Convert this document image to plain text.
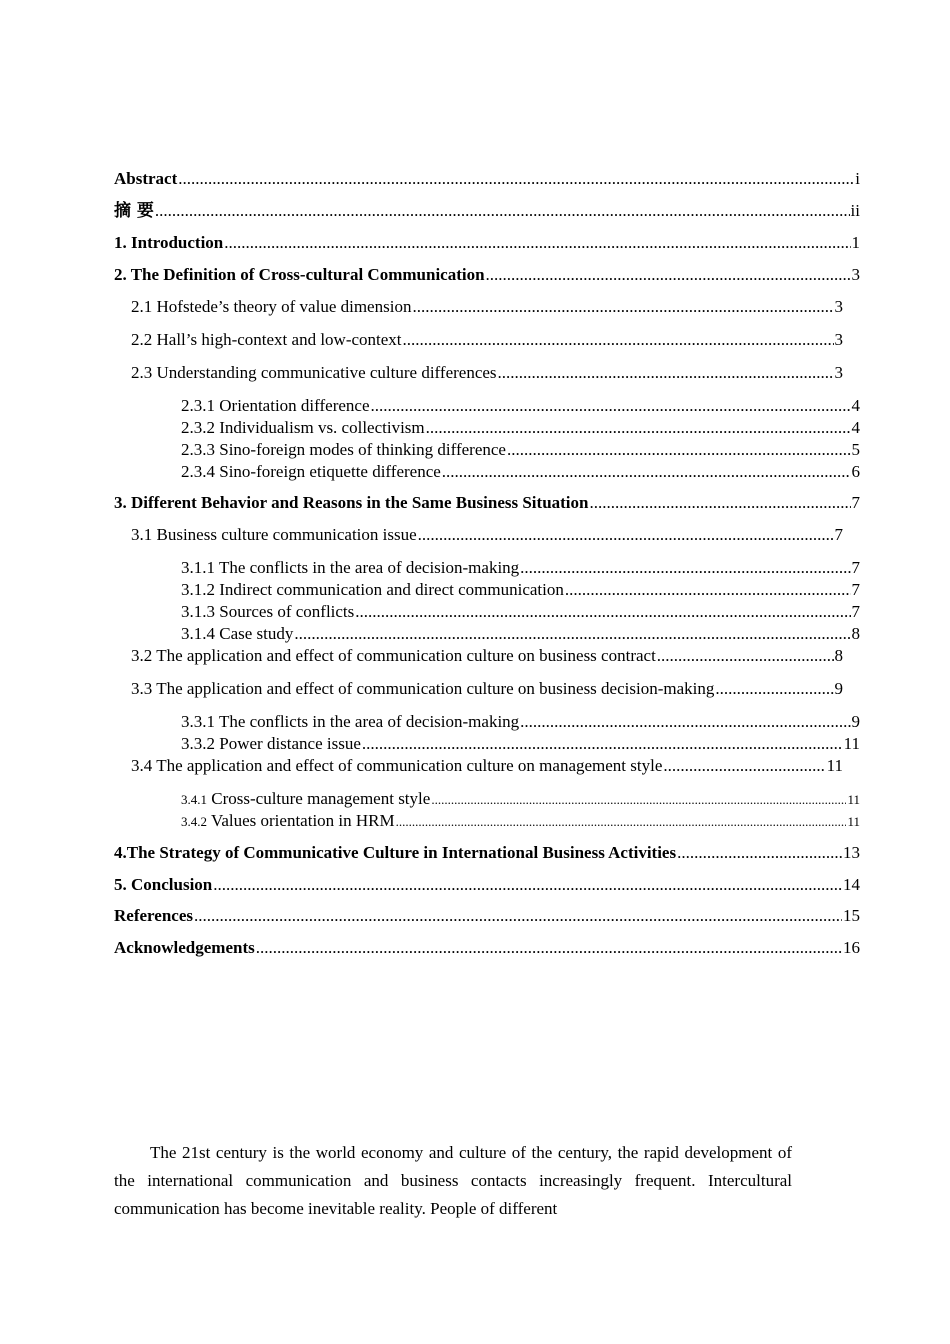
Abstract .....	i
摘 要 .....	ii
1. Introduction .....	1
2. The Definition of Cross-cultural Communication .....	3
2.1 Hofstede’s theory of value dimension .....	3
2.2 Hall’s high-context and low-context .....	3
2.3 Understanding communicative culture differences .....	3
2.3.1 Orientation difference .....	4
2.3.2 Individualism vs. collectivism .....	4
2.3.3 Sino-foreign modes of thinking difference .....	5
2.3.4 Sino-foreign etiquette difference .....	6
3. Different Behavior and Reasons in the Same Business Situation .....	7
3.1 Business culture communication issue .....	7
3.1.1 The conflicts in the area of decision-making .....	7
3.1.2 Indirect communication and direct communication .....	7
3.1.3 Sources of conflicts .....	7
3.1.4 Case study .....	8
3.2 The application and effect of communication culture on business contract .....	8
3.3 The application and effect of communication culture on business decision-making .....	9
3.3.1 The conflicts in the area of decision-making .....	9
3.3.2 Power distance issue .....	11
3.4 The application and effect of communication culture on management style .....	11
3.4.1 Cross-culture management style .....	11
3.4.2 Values orientation in HRM .....	11
4.The Strategy of Communicative Culture in International Business Activities .....	13
5. Conclusion .....	14
References .....	15
Acknowledgements .....	16

The 21st century is the world economy and culture of the century, the rapid development of the international communication and business contacts increasingly frequent. Intercultural communication has become inevitable reality. People of different
